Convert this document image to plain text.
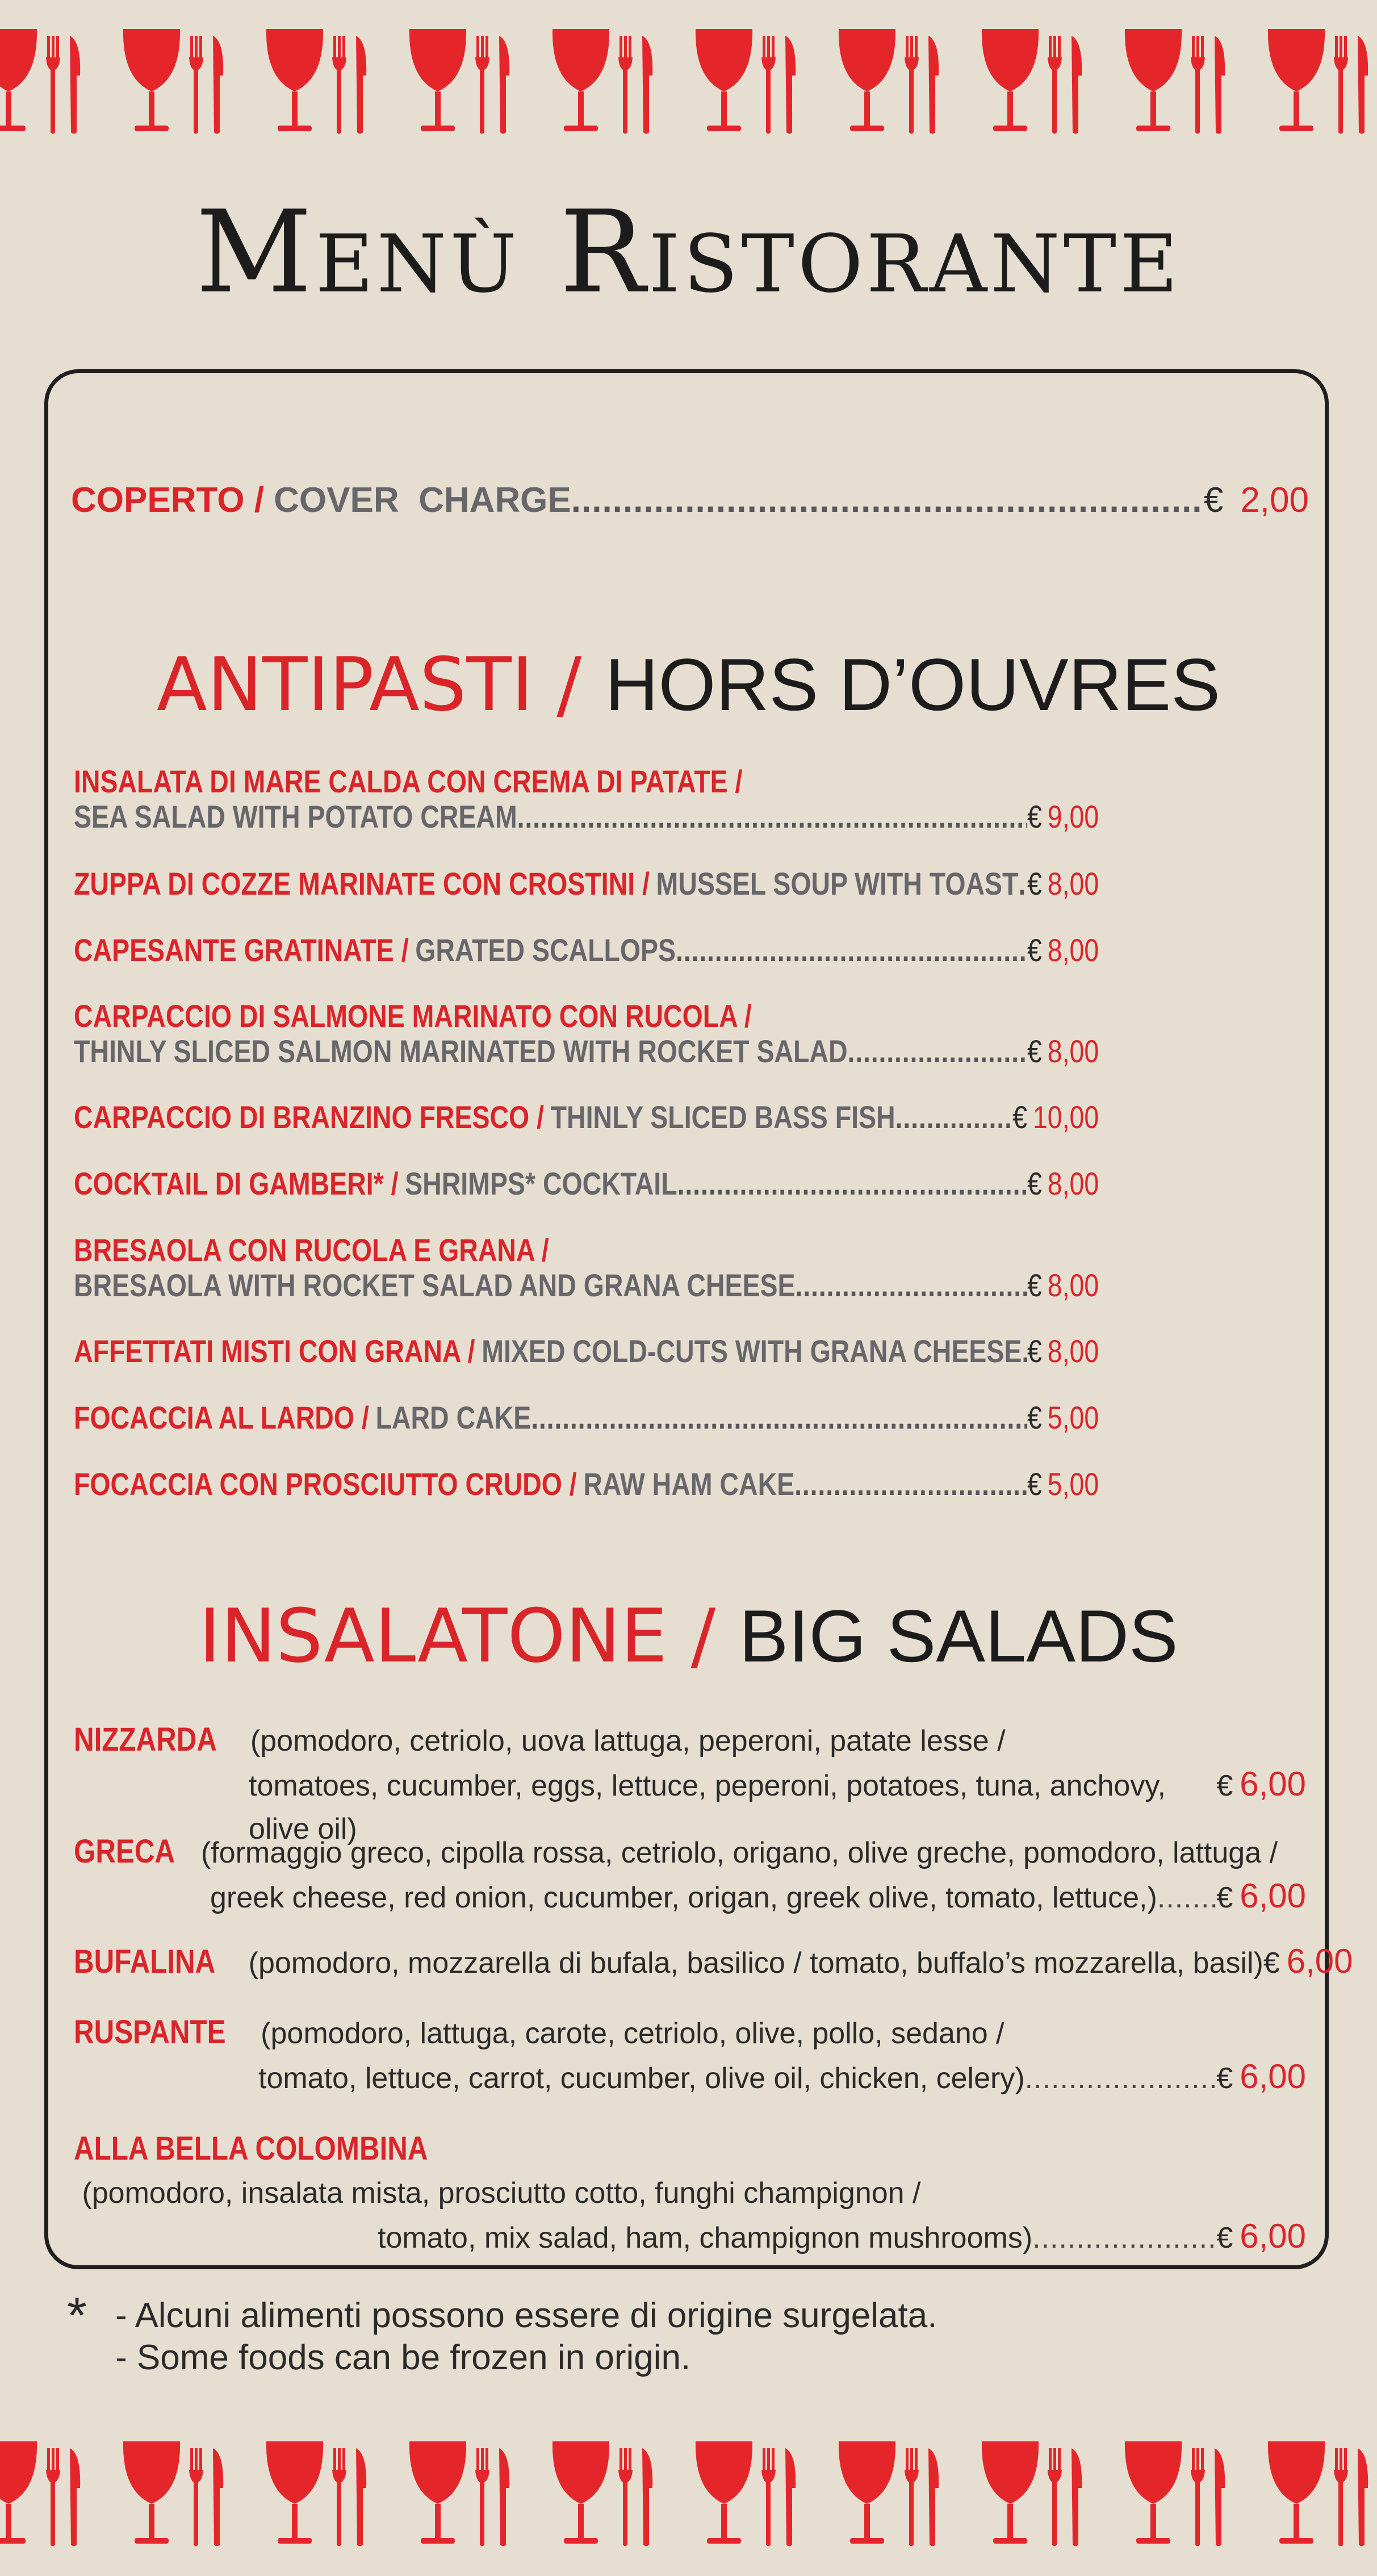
Menù Ristorante
COPERTO / COVER  CHARGE .....	€ 2,00
ANTIPASTI / HORS D’OUVRES
INSALATA DI MARE CALDA CON CREMA DI PATATE /
SEA SALAD WITH POTATO CREAM .....	€ 9,00
ZUPPA DI COZZE MARINATE CON CROSTINI / MUSSEL SOUP WITH TOAST ..... € 8,00
CAPESANTE GRATINATE / GRATED SCALLOPS .....	€ 8,00
CARPACCIO DI SALMONE MARINATO CON RUCOLA /
THINLY SLICED SALMON MARINATED WITH ROCKET SALAD .....	€ 8,00
CARPACCIO DI BRANZINO FRESCO / THINLY SLICED BASS FISH .....	€ 10,00
COCKTAIL DI GAMBERI* / SHRIMPS* COCKTAIL .....	€ 8,00
BRESAOLA CON RUCOLA E GRANA /
BRESAOLA WITH ROCKET SALAD AND GRANA CHEESE .....	€ 8,00
AFFETTATI MISTI CON GRANA / MIXED COLD-CUTS WITH GRANA CHEESE ..... € 8,00
FOCACCIA AL LARDO / LARD CAKE .....	€ 5,00
FOCACCIA CON PROSCIUTTO CRUDO / RAW HAM CAKE .....	€ 5,00
INSALATONE / BIG SALADS
NIZZARDA (pomodoro, cetriolo, uova lattuga, peperoni, patate lesse /
tomatoes, cucumber, eggs, lettuce, peperoni, potatoes, tuna, anchovy, olive oil)
€ 6,00
GRECA (formaggio greco, cipolla rossa, cetriolo, origano, olive greche, pomodoro, lattuga /
greek cheese, red onion, cucumber, origan, greek olive, tomato, lettuce,) ..... € 6,00
BUFALINA (pomodoro, mozzarella di bufala, basilico / tomato, buffalo’s mozzarella, basil) € 6,00
RUSPANTE (pomodoro, lattuga, carote, cetriolo, olive, pollo, sedano /
tomato, lettuce, carrot, cucumber, olive oil, chicken, celery) .....	€ 6,00
ALLA BELLA COLOMBINA (pomodoro, insalata mista, prosciutto cotto, funghi champignon /
tomato, mix salad, ham, champignon mushrooms) .....	€ 6,00
* - Alcuni alimenti possono essere di origine surgelata.
- Some foods can be frozen in origin.
